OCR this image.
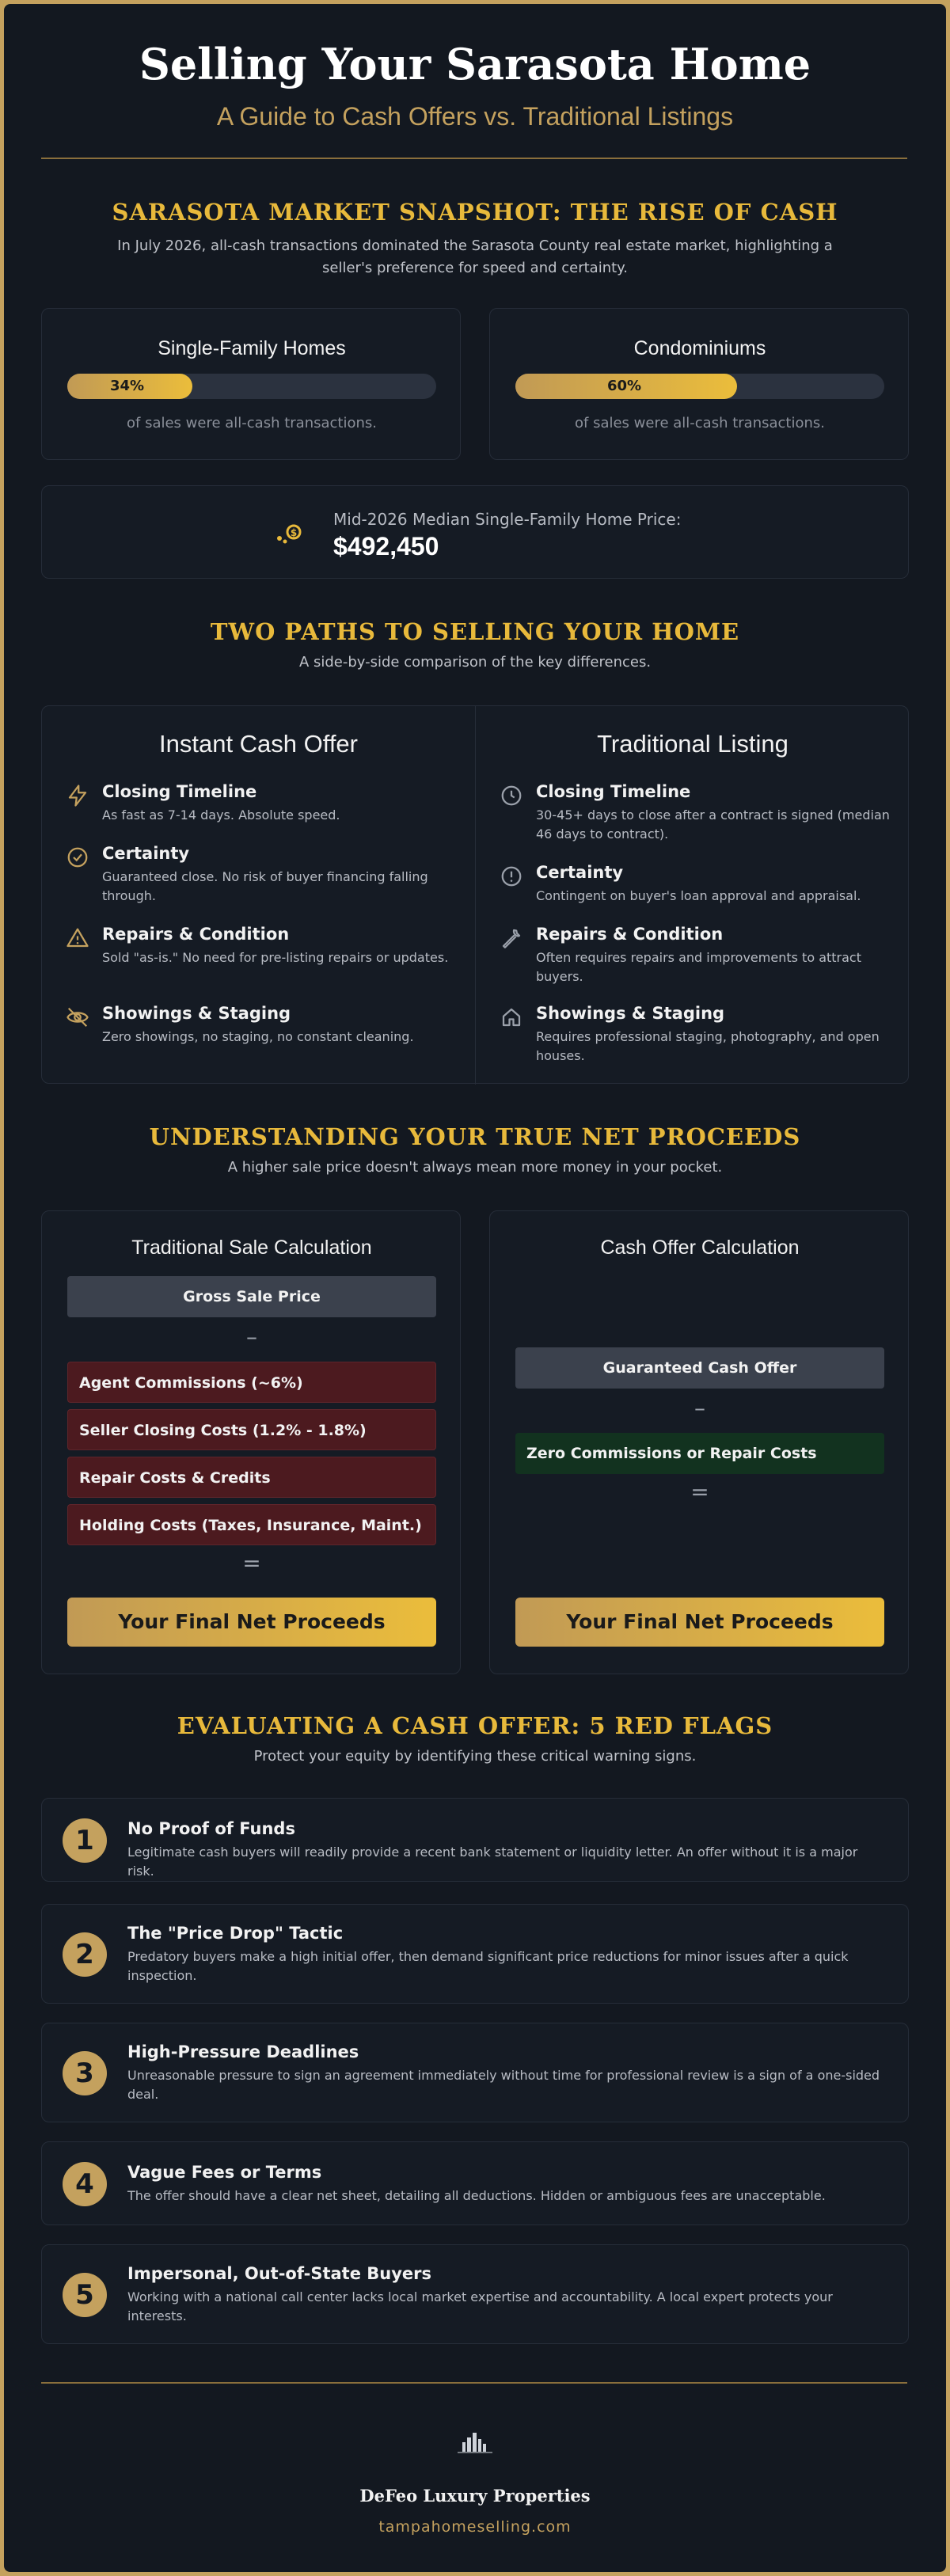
Selling Your Sarasota Home
A Guide to Cash Offers vs. Traditional Listings
SARASOTA MARKET SNAPSHOT: THE RISE OF CASH
In July 2026, all-cash transactions dominated the Sarasota County real estate market, highlighting a seller's preference for speed and certainty.
Single-Family Homes
34%
of sales were all-cash transactions.
Condominiums
60%
of sales were all-cash transactions.
$
Mid-2026 Median Single-Family Home Price:
$492,450
TWO PATHS TO SELLING YOUR HOME
A side-by-side comparison of the key differences.
Instant Cash Offer	Traditional Listing
Closing Timeline
As fast as 7-14 days. Absolute speed.
Certainty
Guaranteed close. No risk of buyer financing falling through.
Repairs & Condition
Sold "as-is." No need for pre-listing repairs or updates.
Showings & Staging
Zero showings, no staging, no constant cleaning.
Closing Timeline
30-45+ days to close after a contract is signed (median 46 days to contract).
Certainty
Contingent on buyer's loan approval and appraisal.
Repairs & Condition
Often requires repairs and improvements to attract buyers.
Showings & Staging
Requires professional staging, photography, and open houses.
UNDERSTANDING YOUR TRUE NET PROCEEDS
A higher sale price doesn't always mean more money in your pocket.
Traditional Sale Calculation
Gross Sale Price
–
Agent Commissions (~6%)
Seller Closing Costs (1.2% - 1.8%)
Repair Costs & Credits
Holding Costs (Taxes, Insurance, Maint.)
=
Your Final Net Proceeds
Cash Offer Calculation
Guaranteed Cash Offer
–
Zero Commissions or Repair Costs
=
Your Final Net Proceeds
EVALUATING A CASH OFFER: 5 RED FLAGS
Protect your equity by identifying these critical warning signs.
1	No Proof of Funds
Legitimate cash buyers will readily provide a recent bank statement or liquidity letter. An offer without it is a major risk.
2
The "Price Drop" Tactic
Predatory buyers make a high initial offer, then demand significant price reductions for minor issues after a quick inspection.
3
High-Pressure Deadlines
Unreasonable pressure to sign an agreement immediately without time for professional review is a sign of a one-sided deal.
4	Vague Fees or Terms
The offer should have a clear net sheet, detailing all deductions. Hidden or ambiguous fees are unacceptable.
5
Impersonal, Out-of-State Buyers
Working with a national call center lacks local market expertise and accountability. A local expert protects your interests.
DeFeo Luxury Properties
tampahomeselling.com
